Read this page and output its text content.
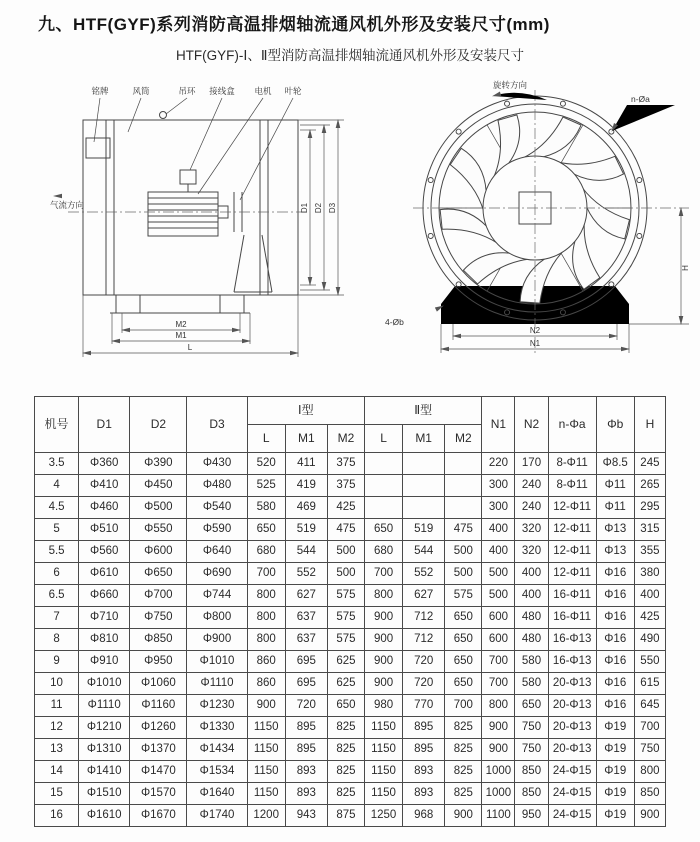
九、HTF(GYF)系列消防高温排烟轴流通风机外形及安装尺寸(mm)
HTF(GYF)-Ⅰ、Ⅱ型消防高温排烟轴流通风机外形及安装尺寸
铭牌	风筒	吊环 接线盒 电机 叶轮
气流方向	D1 D2 D3
M2
M1
L
旋转方向
n-Øa
4-Øb
H
N2
N1
机号	D1	D2	D3	Ⅰ型			Ⅱ型			N1	N2	n-Φa	Φb	H
				L	M1	M2	L	M1	M2					
3.5	Φ360	Φ390	Φ430	520	411	375				220	170	8-Φ11	Φ8.5	245
4	Φ410	Φ450	Φ480	525	419	375				300	240	8-Φ11	Φ11	265
4.5	Φ460	Φ500	Φ540	580	469	425				300	240	12-Φ11	Φ11	295
5	Φ510	Φ550	Φ590	650	519	475	650	519	475	400	320	12-Φ11	Φ13	315
5.5	Φ560	Φ600	Φ640	680	544	500	680	544	500	400	320	12-Φ11	Φ13	355
6	Φ610	Φ650	Φ690	700	552	500	700	552	500	500	400	12-Φ11	Φ16	380
6.5	Φ660	Φ700	Φ744	800	627	575	800	627	575	500	400	16-Φ11	Φ16	400
7	Φ710	Φ750	Φ800	800	637	575	900	712	650	600	480	16-Φ11	Φ16	425
8	Φ810	Φ850	Φ900	800	637	575	900	712	650	600	480	16-Φ13	Φ16	490
9	Φ910	Φ950	Φ1010	860	695	625	900	720	650	700	580	16-Φ13	Φ16	550
10	Φ1010	Φ1060	Φ1110	860	695	625	900	720	650	700	580	20-Φ13	Φ16	615
11	Φ1110	Φ1160	Φ1230	900	720	650	980	770	700	800	650	20-Φ13	Φ16	645
12	Φ1210	Φ1260	Φ1330	1150	895	825	1150	895	825	900	750	20-Φ13	Φ19	700
13	Φ1310	Φ1370	Φ1434	1150	895	825	1150	895	825	900	750	20-Φ13	Φ19	750
14	Φ1410	Φ1470	Φ1534	1150	893	825	1150	893	825	1000	850	24-Φ15	Φ19	800
15	Φ1510	Φ1570	Φ1640	1150	893	825	1150	893	825	1000	850	24-Φ15	Φ19	850
16	Φ1610	Φ1670	Φ1740	1200	943	875	1250	968	900	1100	950	24-Φ15	Φ19	900
